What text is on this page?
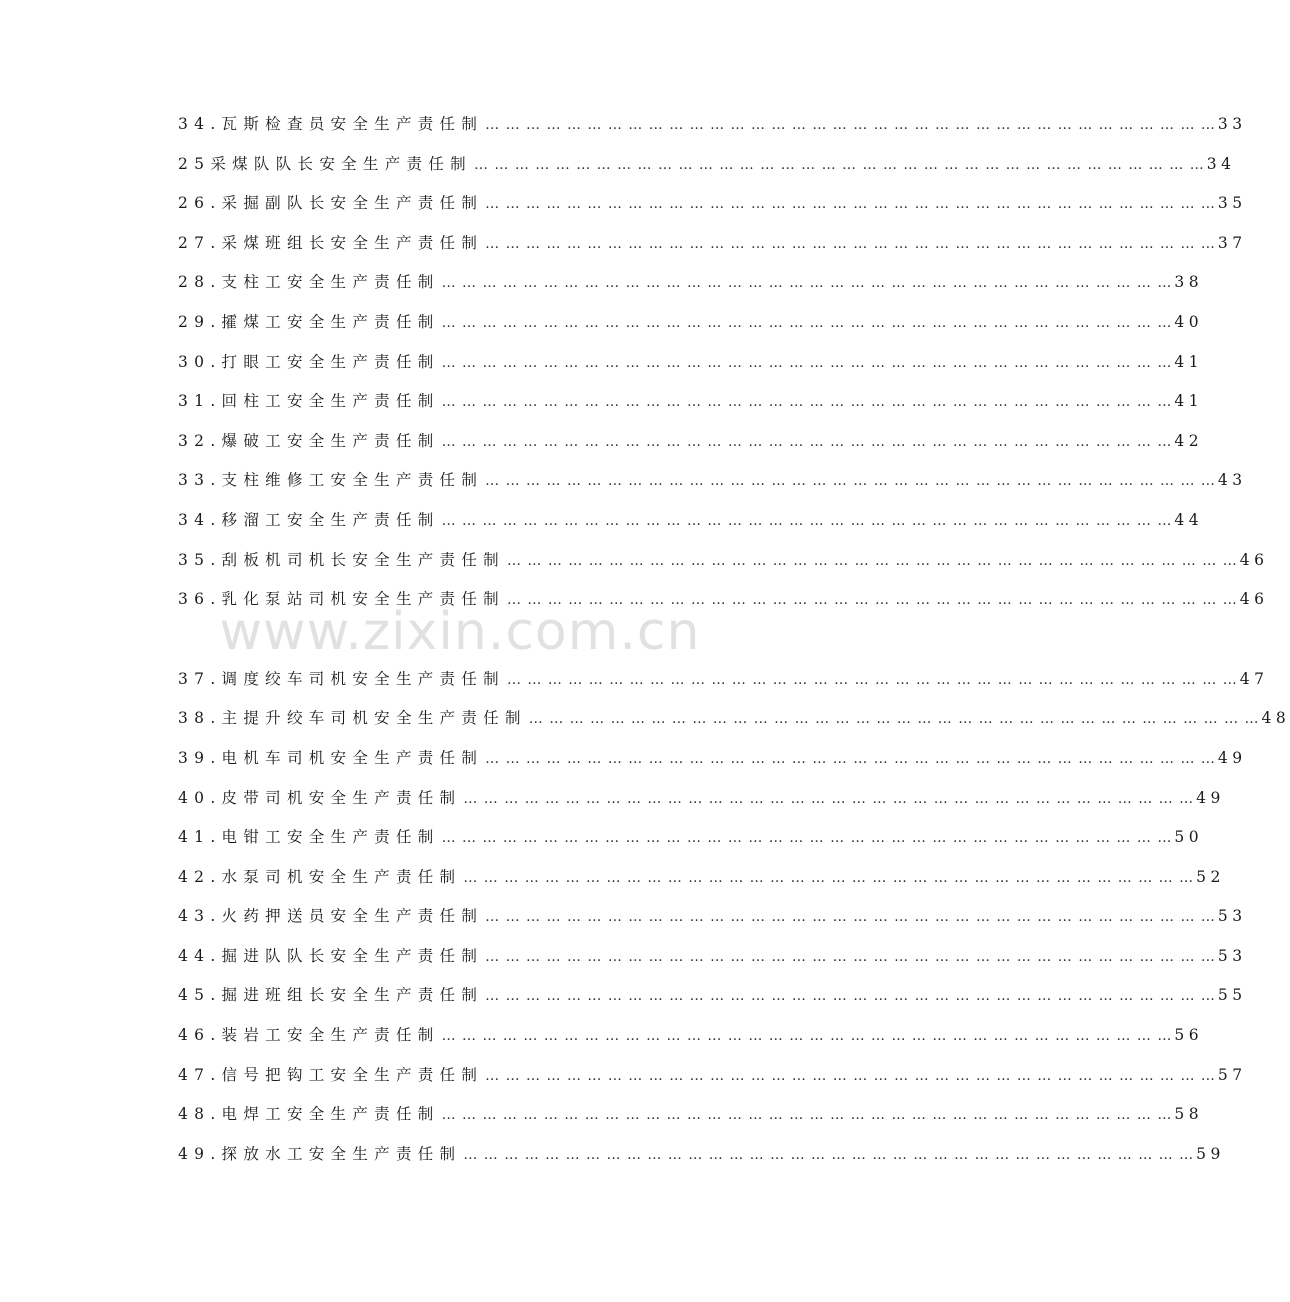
34.瓦斯检查员安全生产责任制 … … … … … … … … … … … … … … … … … … … … … … … … … … … … … … … … … … … … 33
25采煤队队长安全生产责任制 … … … … … … … … … … … … … … … … … … … … … … … … … … … … … … … … … … … … 34
26.采掘副队长安全生产责任制 … … … … … … … … … … … … … … … … … … … … … … … … … … … … … … … … … … … … 35
27.采煤班组长安全生产责任制 … … … … … … … … … … … … … … … … … … … … … … … … … … … … … … … … … … … … 37
28.支柱工安全生产责任制 … … … … … … … … … … … … … … … … … … … … … … … … … … … … … … … … … … … … 38
29.攉煤工安全生产责任制 … … … … … … … … … … … … … … … … … … … … … … … … … … … … … … … … … … … … 40
30.打眼工安全生产责任制 … … … … … … … … … … … … … … … … … … … … … … … … … … … … … … … … … … … … 41
31.回柱工安全生产责任制 … … … … … … … … … … … … … … … … … … … … … … … … … … … … … … … … … … … … 41
32.爆破工安全生产责任制 … … … … … … … … … … … … … … … … … … … … … … … … … … … … … … … … … … … … 42
33.支柱维修工安全生产责任制 … … … … … … … … … … … … … … … … … … … … … … … … … … … … … … … … … … … … 43
34.移溜工安全生产责任制 … … … … … … … … … … … … … … … … … … … … … … … … … … … … … … … … … … … … 44
35.刮板机司机长安全生产责任制 … … … … … … … … … … … … … … … … … … … … … … … … … … … … … … … … … … … … 46
36.乳化泵站司机安全生产责任制 … … … … … … … … … … … … … … … … … … … … … … … … … … … … … … … … … … … … 46
37.调度绞车司机安全生产责任制 … … … … … … … … … … … … … … … … … … … … … … … … … … … … … … … … … … … … 47
38.主提升绞车司机安全生产责任制 … … … … … … … … … … … … … … … … … … … … … … … … … … … … … … … … … … … … 48
39.电机车司机安全生产责任制 … … … … … … … … … … … … … … … … … … … … … … … … … … … … … … … … … … … … 49
40.皮带司机安全生产责任制 … … … … … … … … … … … … … … … … … … … … … … … … … … … … … … … … … … … … 49
41.电钳工安全生产责任制 … … … … … … … … … … … … … … … … … … … … … … … … … … … … … … … … … … … … 50
42.水泵司机安全生产责任制 … … … … … … … … … … … … … … … … … … … … … … … … … … … … … … … … … … … … 52
43.火药押送员安全生产责任制 … … … … … … … … … … … … … … … … … … … … … … … … … … … … … … … … … … … … 53
44.掘进队队长安全生产责任制 … … … … … … … … … … … … … … … … … … … … … … … … … … … … … … … … … … … … 53
45.掘进班组长安全生产责任制 … … … … … … … … … … … … … … … … … … … … … … … … … … … … … … … … … … … … 55
46.装岩工安全生产责任制 … … … … … … … … … … … … … … … … … … … … … … … … … … … … … … … … … … … … 56
47.信号把钩工安全生产责任制 … … … … … … … … … … … … … … … … … … … … … … … … … … … … … … … … … … … … 57
48.电焊工安全生产责任制 … … … … … … … … … … … … … … … … … … … … … … … … … … … … … … … … … … … … 58
49.探放水工安全生产责任制 … … … … … … … … … … … … … … … … … … … … … … … … … … … … … … … … … … … … 59
www.zixin.com.cn
